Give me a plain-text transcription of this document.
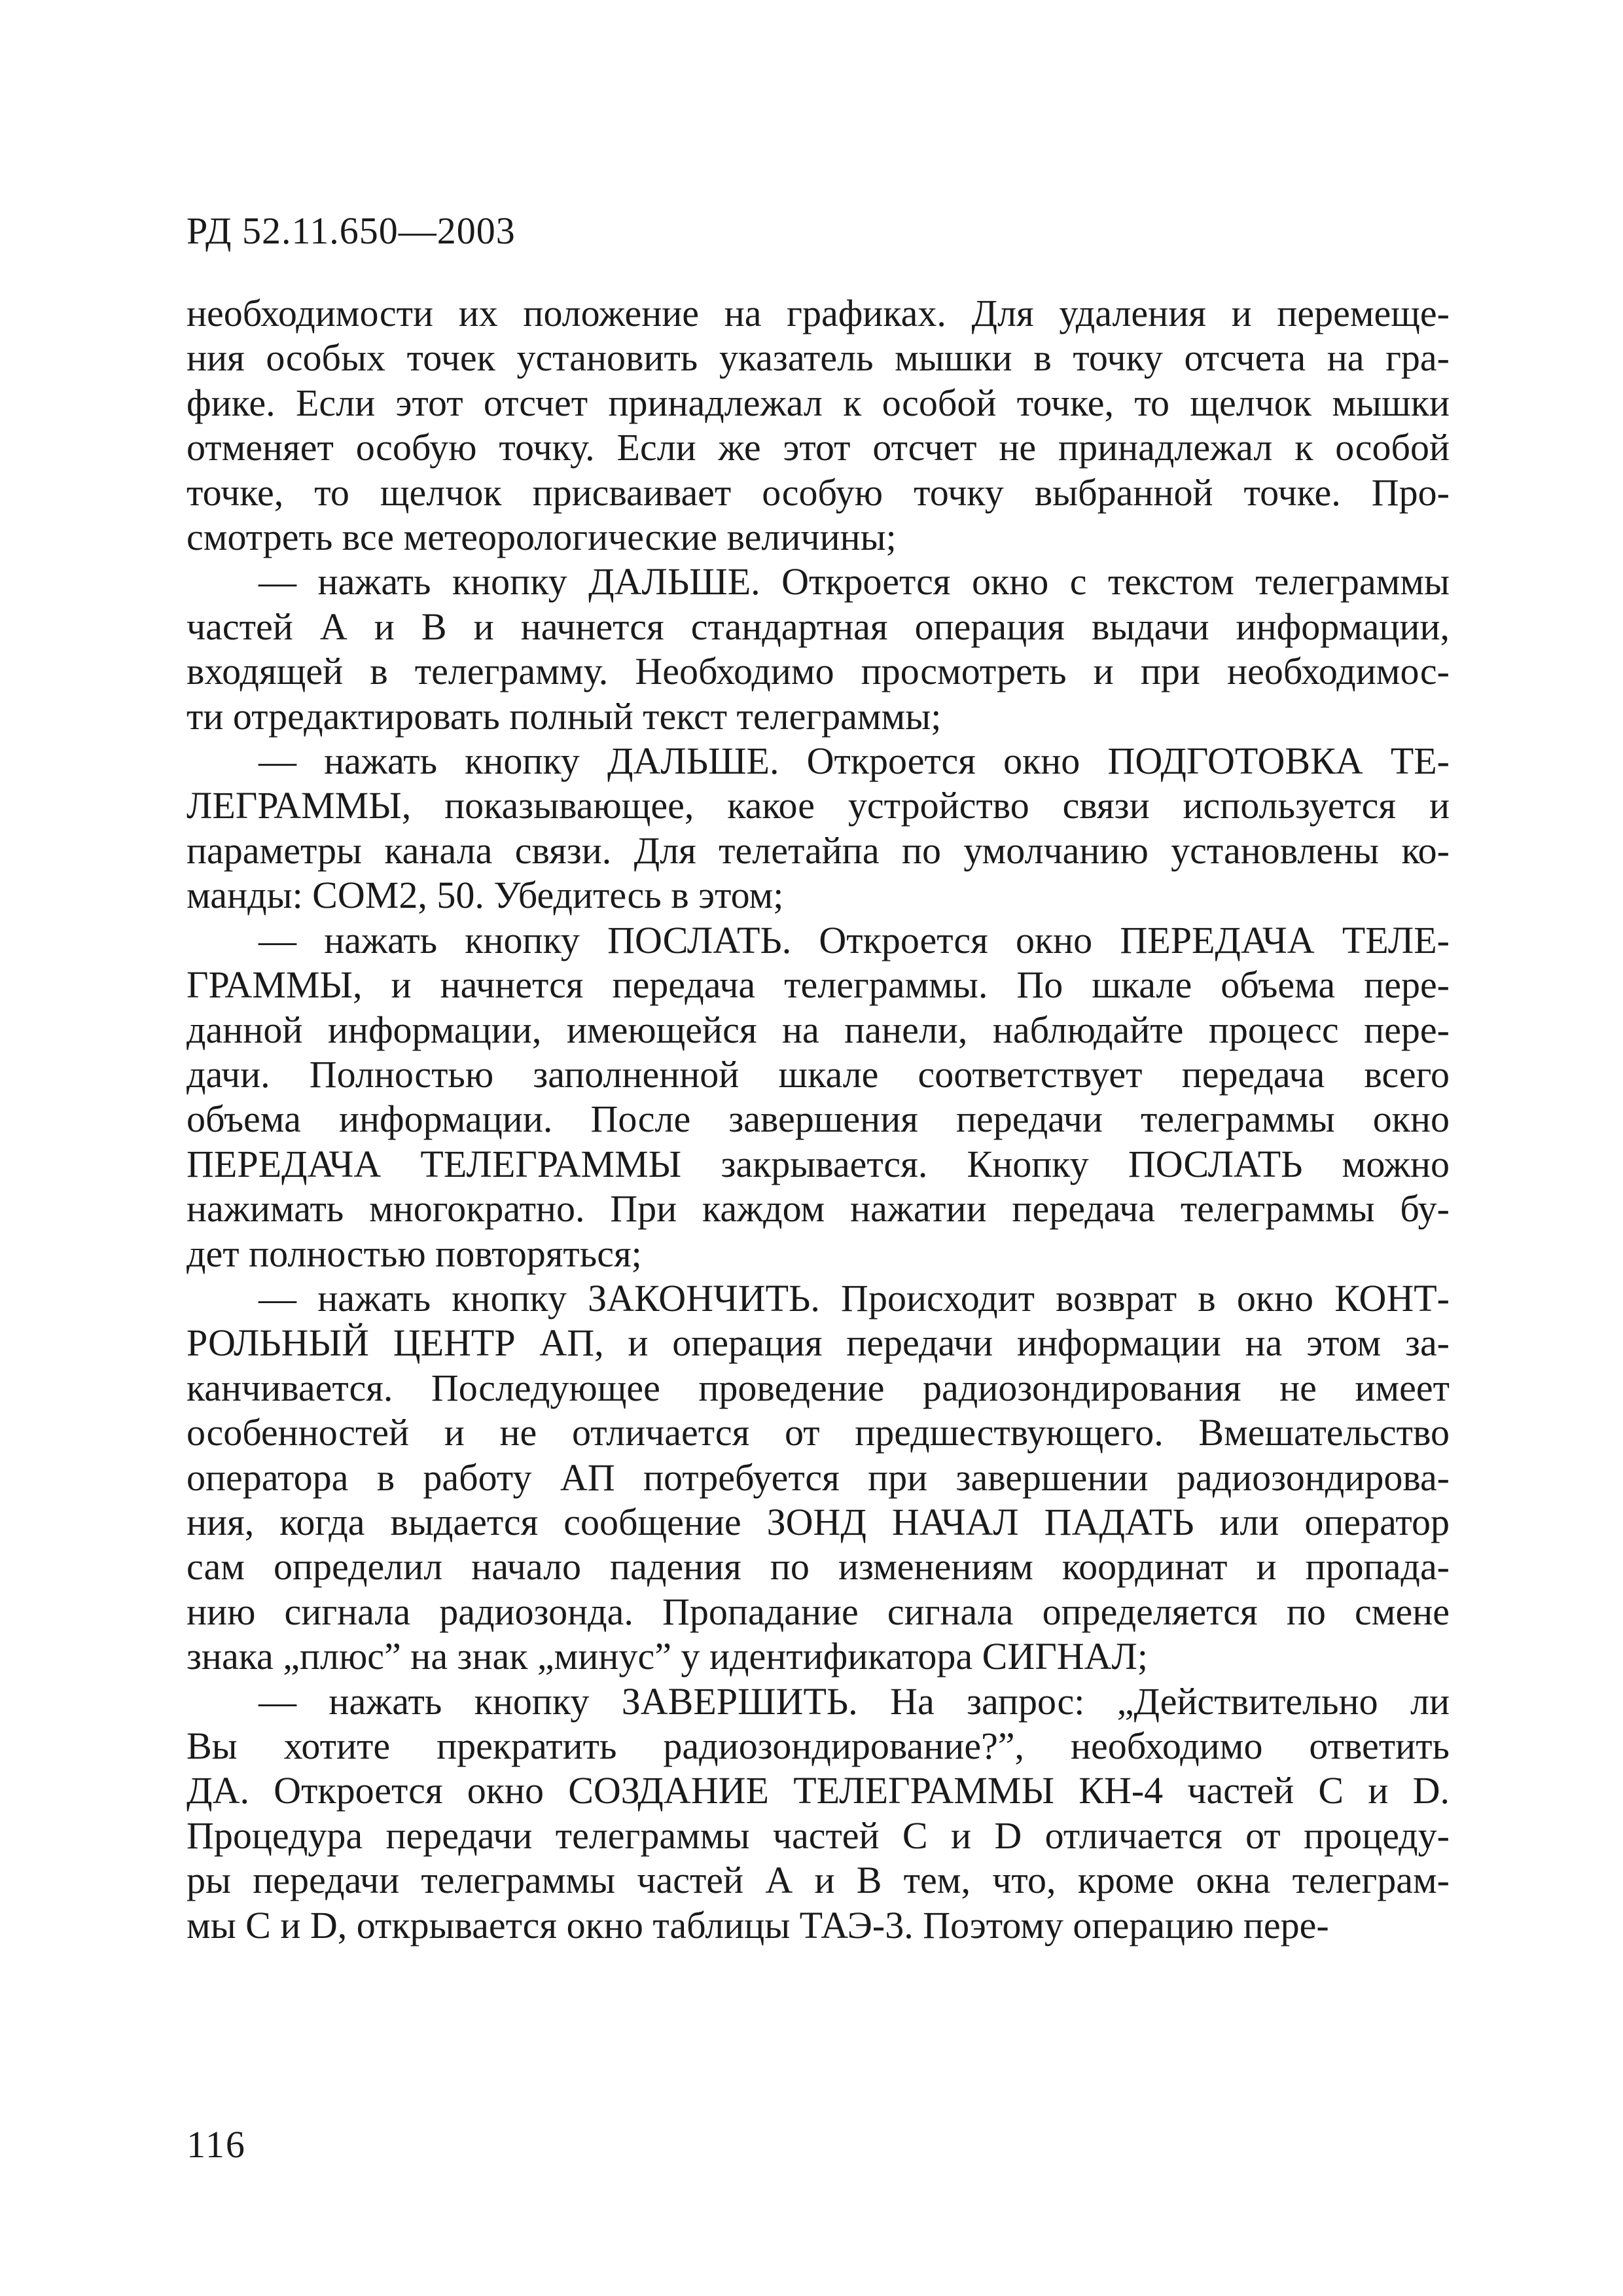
РД 52.11.650—2003

необходимости их положение на графиках. Для удаления и перемеще-
ния особых точек установить указатель мышки в точку отсчета на гра-
фике. Если этот отсчет принадлежал к особой точке, то щелчок мышки
отменяет особую точку. Если же этот отсчет не принадлежал к особой
точке, то щелчок присваивает особую точку выбранной точке. Про-
смотреть все метеорологические величины;

— нажать кнопку ДАЛЬШЕ. Откроется окно с текстом телеграммы
частей А и В и начнется стандартная операция выдачи информации,
входящей в телеграмму. Необходимо просмотреть и при необходимос-
ти отредактировать полный текст телеграммы;

— нажать кнопку ДАЛЬШЕ. Откроется окно ПОДГОТОВКА ТЕ-
ЛЕГРАММЫ, показывающее, какое устройство связи используется и
параметры канала связи. Для телетайпа по умолчанию установлены ко-
манды: COM2, 50. Убедитесь в этом;

— нажать кнопку ПОСЛАТЬ. Откроется окно ПЕРЕДАЧА ТЕЛЕ-
ГРАММЫ, и начнется передача телеграммы. По шкале объема пере-
данной информации, имеющейся на панели, наблюдайте процесс пере-
дачи. Полностью заполненной шкале соответствует передача всего
объема информации. После завершения передачи телеграммы окно
ПЕРЕДАЧА ТЕЛЕГРАММЫ закрывается. Кнопку ПОСЛАТЬ можно
нажимать многократно. При каждом нажатии передача телеграммы бу-
дет полностью повторяться;

— нажать кнопку ЗАКОНЧИТЬ. Происходит возврат в окно КОНТ-
РОЛЬНЫЙ ЦЕНТР АП, и операция передачи информации на этом за-
канчивается. Последующее проведение радиозондирования не имеет
особенностей и не отличается от предшествующего. Вмешательство
оператора в работу АП потребуется при завершении радиозондирова-
ния, когда выдается сообщение ЗОНД НАЧАЛ ПАДАТЬ или оператор
сам определил начало падения по изменениям координат и пропада-
нию сигнала радиозонда. Пропадание сигнала определяется по смене
знака „плюс” на знак „минус” у идентификатора СИГНАЛ;

— нажать кнопку ЗАВЕРШИТЬ. На запрос: „Действительно ли
Вы хотите прекратить радиозондирование?”, необходимо ответить
ДА. Откроется окно СОЗДАНИЕ ТЕЛЕГРАММЫ КН-4 частей С и D.
Процедура передачи телеграммы частей С и D отличается от процеду-
ры передачи телеграммы частей А и В тем, что, кроме окна телеграм-
мы С и D, открывается окно таблицы ТАЭ-3. Поэтому операцию пере-

116
